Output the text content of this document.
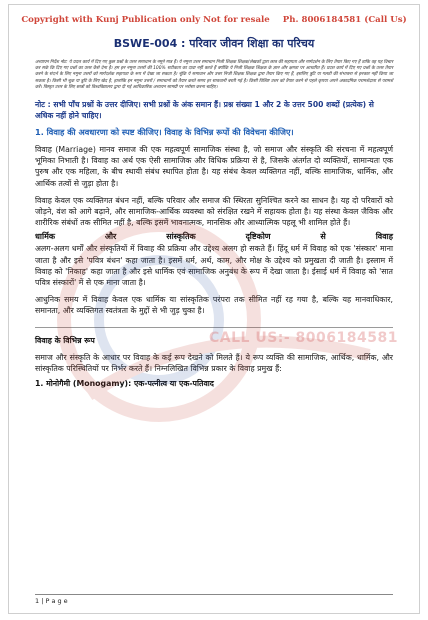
CALL US:- 8006184581
Copyright with Kunj Publication only Not for resale Ph. 8006184581 (Call Us)
BSWE-004 : परिवार जीवन शिक्षा का परिचय
अध्यापन निर्देश नोट: ये प्रदत्त कार्य में दिए गए कुछ प्रश्नों के उत्तर समाधान के नमूने मात्र हैं। ये नमूना उत्तर समाधान निजी शिक्षक शिक्षक/लेखकों द्वारा छात्र की सहायता और मार्गदर्शन के लिए तैयार किए गए हैं ताकि वह यह विचार कर सके कि दिए गए प्रश्नों का उत्तर कैसे देना है। हम इन नमूना उत्तरों की 100% सटीकता का दावा नहीं करते हैं क्योंकि ये निजी शिक्षक शिक्षक के ज्ञान और क्षमता पर आधारित हैं। प्रदत्त कार्य में दिए गए प्रश्नों के उत्तर तैयार करने के संदर्भ के लिए नमूना उत्तरों को मार्गदर्शक सहायता के रूप में देखा जा सकता है। चूंकि ये समाधान और उत्तर निजी शिक्षक शिक्षक द्वारा तैयार किए गए हैं, इसलिए त्रुटि या गलती की संभावना से इनकार नहीं किया जा सकता है। किसी भी चूक या त्रुटि के लिए खेद है, हालांकि इन नमूना उत्तरों / समाधानों को तैयार करते समय हर सावधानी बरती गई है। किसी विशिष्ट उत्तर को तैयार करने से पहले कृपया अपने अकादमिक परामर्शदाता से परामर्श करें। विस्तृत उत्तर के लिए छात्रों को विश्वविद्यालय द्वारा दी गई आधिकारिक अध्ययन सामग्री पर भरोसा करना चाहिए।
नोट : सभी पाँच प्रश्नों के उत्तर दीजिए। सभी प्रश्नों के अंक समान हैं। प्रश्न संख्या 1 और 2 के उत्तर 500 शब्दों (प्रत्येक) से अधिक नहीं होने चाहिए।
1. विवाह की अवधारणा को स्पष्ट कीजिए। विवाह के विभिन्न रूपों की विवेचना कीजिए।
विवाह (Marriage) मानव समाज की एक महत्वपूर्ण सामाजिक संस्था है, जो समाज और संस्कृति की संरचना में महत्वपूर्ण भूमिका निभाती है। विवाह का अर्थ एक ऐसी सामाजिक और विधिक प्रक्रिया से है, जिसके अंतर्गत दो व्यक्तियों, सामान्यतः एक पुरुष और एक महिला, के बीच स्थायी संबंध स्थापित होता है। यह संबंध केवल व्यक्तिगत नहीं, बल्कि सामाजिक, धार्मिक, और आर्थिक तत्वों से जुड़ा होता है।
विवाह केवल एक व्यक्तिगत बंधन नहीं, बल्कि परिवार और समाज की स्थिरता सुनिश्चित करने का साधन है। यह दो परिवारों को जोड़ने, वंश को आगे बढ़ाने, और सामाजिक-आर्थिक व्यवस्था को संरक्षित रखने में सहायक होता है। यह संस्था केवल जैविक और शारीरिक संबंधों तक सीमित नहीं है, बल्कि इसमें भावनात्मक, मानसिक और आध्यात्मिक पहलू भी शामिल होते हैं।
धार्मिक	और	सांस्कृतिक	दृष्टिकोण	से	विवाह
अलग-अलग धर्मों और संस्कृतियों में विवाह की प्रक्रिया और उद्देश्य अलग हो सकते हैं। हिंदू धर्म में विवाह को एक 'संस्कार' माना जाता है और इसे 'पवित्र बंधन' कहा जाता है। इसमें धर्म, अर्थ, काम, और मोक्ष के उद्देश्य को प्रमुखता दी जाती है। इस्लाम में विवाह को 'निकाह' कहा जाता है और इसे धार्मिक एवं सामाजिक अनुबंध के रूप में देखा जाता है। ईसाई धर्म में विवाह को 'सात पवित्र संस्कारों' में से एक माना जाता है।
आधुनिक समय में विवाह केवल एक धार्मिक या सांस्कृतिक परंपरा तक सीमित नहीं रह गया है, बल्कि यह मानवाधिकार, समानता, और व्यक्तिगत स्वतंत्रता के मुद्दों से भी जुड़ चुका है।
विवाह के विभिन्न रूप
समाज और संस्कृति के आधार पर विवाह के कई रूप देखने को मिलते हैं। ये रूप व्यक्ति की सामाजिक, आर्थिक, धार्मिक, और सांस्कृतिक परिस्थितियों पर निर्भर करते हैं। निम्नलिखित विभिन्न प्रकार के विवाह प्रमुख हैं:
1. मोनोगैमी (Monogamy): एक-पत्नीत्व या एक-पतिवाद
1 | P a g e
